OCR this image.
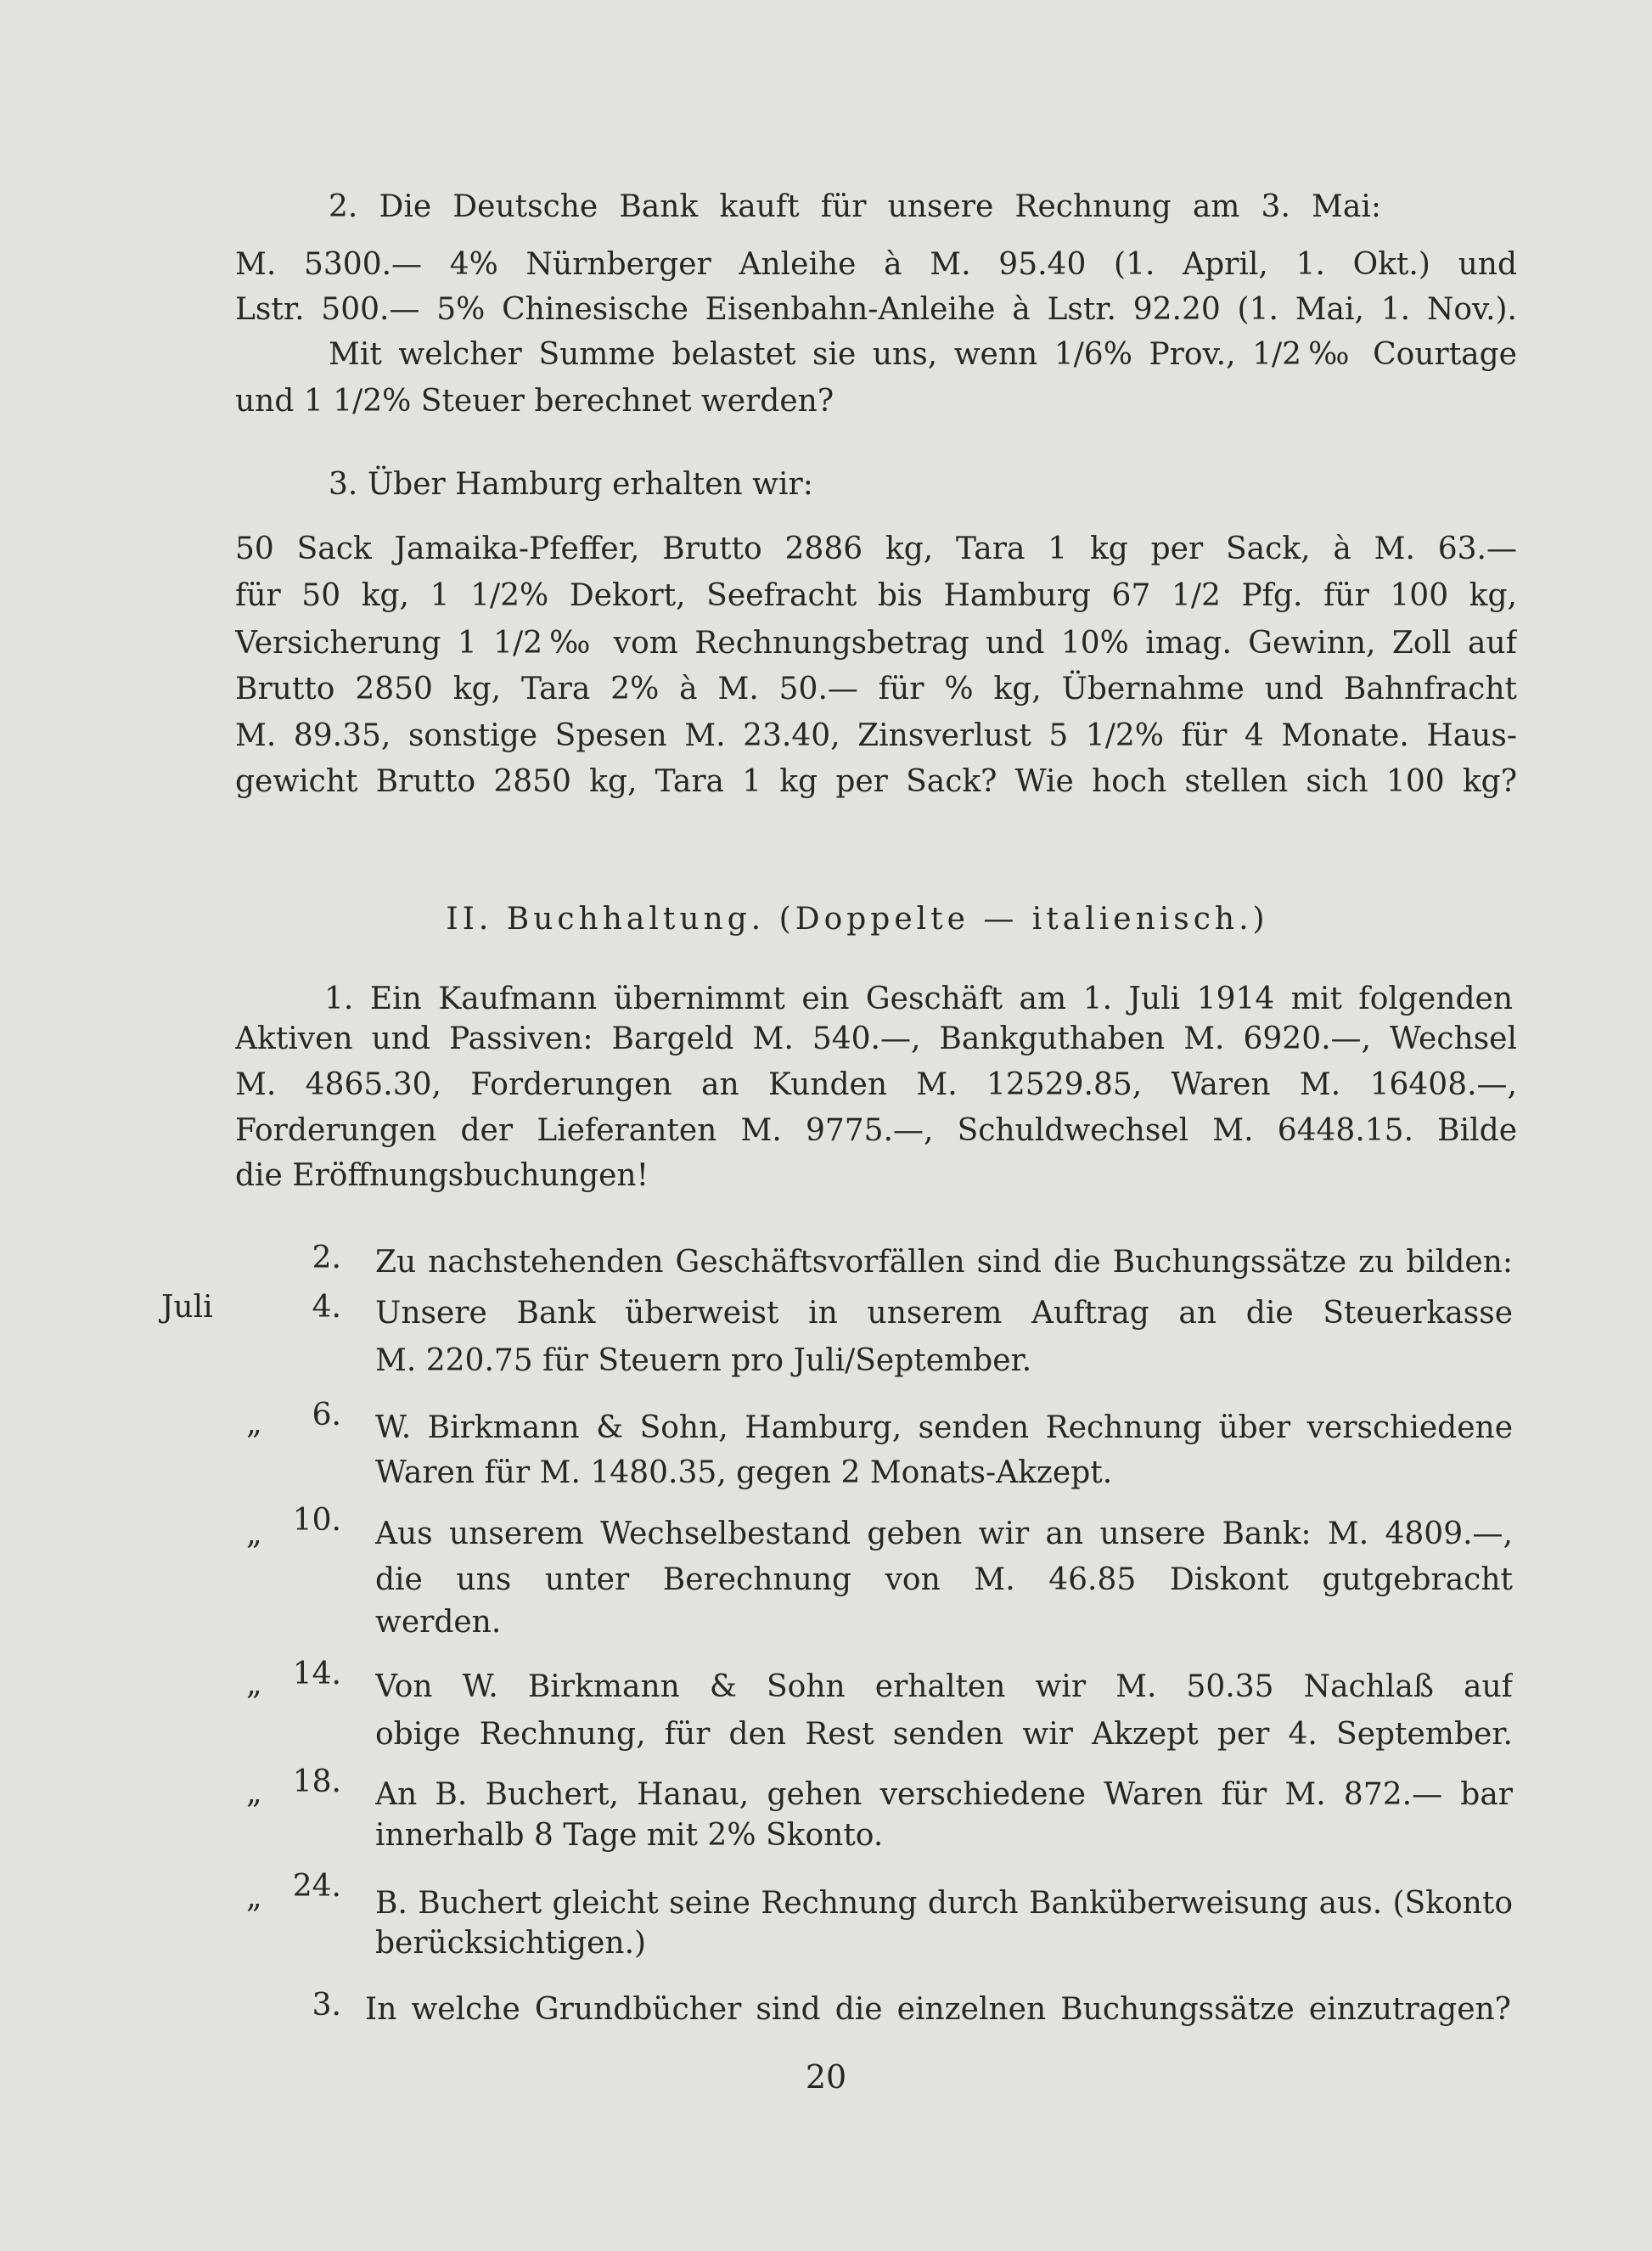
2. Die Deutsche Bank kauft für unsere Rechnung am 3. Mai:
M. 5300.— 4% Nürnberger Anleihe à M. 95.40 (1. April, 1. Okt.) und
Lstr. 500.— 5% Chinesische Eisenbahn-Anleihe à Lstr. 92.20 (1. Mai, 1. Nov.).
Mit welcher Summe belastet sie uns, wenn 1/6% Prov., 1/2‰ Courtage
und 1 1/2% Steuer berechnet werden?
3. Über Hamburg erhalten wir:
50 Sack Jamaika-Pfeffer, Brutto 2886 kg, Tara 1 kg per Sack, à M. 63.—
für 50 kg, 1 1/2% Dekort, Seefracht bis Hamburg 67 1/2 Pfg. für 100 kg,
Versicherung 1 1/2‰ vom Rechnungsbetrag und 10% imag. Gewinn, Zoll auf
Brutto 2850 kg, Tara 2% à M. 50.— für % kg, Übernahme und Bahnfracht
M. 89.35, sonstige Spesen M. 23.40, Zinsverlust 5 1/2% für 4 Monate. Haus-
gewicht Brutto 2850 kg, Tara 1 kg per Sack? Wie hoch stellen sich 100 kg?
II. Buchhaltung. (Doppelte — italienisch.)
1. Ein Kaufmann übernimmt ein Geschäft am 1. Juli 1914 mit folgenden
Aktiven und Passiven: Bargeld M. 540.—, Bankguthaben M. 6920.—, Wechsel
M. 4865.30, Forderungen an Kunden M. 12529.85, Waren M. 16408.—,
Forderungen der Lieferanten M. 9775.—, Schuldwechsel M. 6448.15. Bilde
die Eröffnungsbuchungen!
2. Zu nachstehenden Geschäftsvorfällen sind die Buchungssätze zu bilden:
Juli	4. Unsere Bank überweist in unserem Auftrag an die Steuerkasse
M. 220.75 für Steuern pro Juli/September.
„	6. W. Birkmann & Sohn, Hamburg, senden Rechnung über verschiedene
Waren für M. 1480.35, gegen 2 Monats-Akzept.
„	10. Aus unserem Wechselbestand geben wir an unsere Bank: M. 4809.—,
die uns unter Berechnung von M. 46.85 Diskont gutgebracht
werden.
„	14. Von W. Birkmann & Sohn erhalten wir M. 50.35 Nachlaß auf
obige Rechnung, für den Rest senden wir Akzept per 4. September.
„	18. An B. Buchert, Hanau, gehen verschiedene Waren für M. 872.— bar
innerhalb 8 Tage mit 2% Skonto.
„	24. B. Buchert gleicht seine Rechnung durch Banküberweisung aus. (Skonto
berücksichtigen.)
3. In welche Grundbücher sind die einzelnen Buchungssätze einzutragen?
20
